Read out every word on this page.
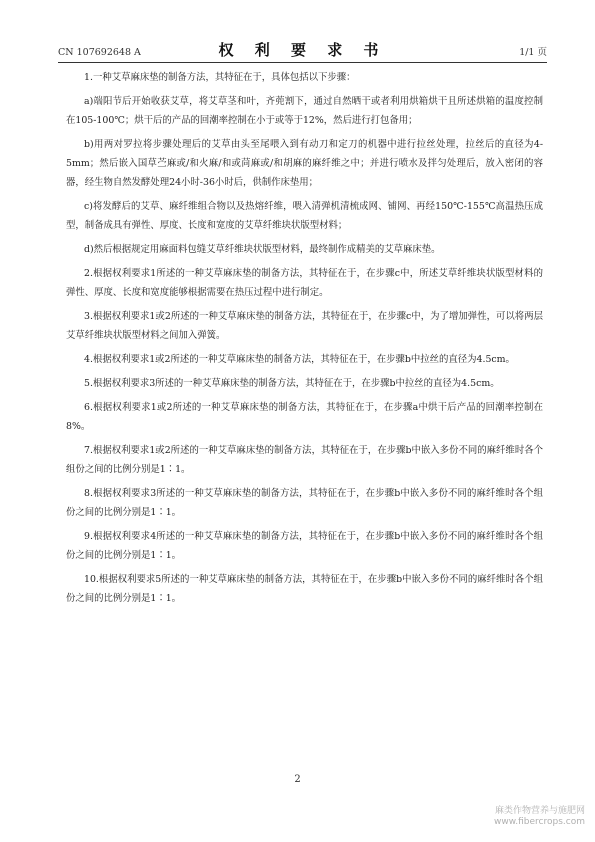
CN 107692648 A	权 利 要 求 书	1/1 页

1.一种艾草麻床垫的制备方法，其特征在于，具体包括以下步骤：

a)端阳节后开始收获艾草，将艾草茎和叶，齐蔸割下，通过自然晒干或者利用烘箱烘干且所述烘箱的温度控制在105-100℃；烘干后的产品的回潮率控制在小于或等于12%，然后进行打包备用；

b)用两对罗拉将步骤处理后的艾草由头至尾喂入到有动刀和定刀的机器中进行拉丝处理，拉丝后的直径为4-5mm；然后嵌入国草苎麻或/和火麻/和或苘麻或/和胡麻的麻纤维之中；并进行喷水及拌匀处理后，放入密闭的容器，经生物自然发酵处理24小时-36小时后，供制作床垫用；

c)将发酵后的艾草、麻纤维组合物以及热熔纤维，喂入清弹机清梳成网、铺网、再经150℃-155℃高温热压成型，制备成具有弹性、厚度、长度和宽度的艾草纤维块状版型材料；

d)然后根据规定用麻面料包缝艾草纤维块状版型材料，最终制作成精美的艾草麻床垫。

2.根据权利要求1所述的一种艾草麻床垫的制备方法，其特征在于，在步骤c中，所述艾草纤维块状版型材料的弹性、厚度、长度和宽度能够根据需要在热压过程中进行制定。

3.根据权利要求1或2所述的一种艾草麻床垫的制备方法，其特征在于，在步骤c中，为了增加弹性，可以将两层艾草纤维块状版型材料之间加入弹簧。

4.根据权利要求1或2所述的一种艾草麻床垫的制备方法，其特征在于，在步骤b中拉丝的直径为4.5cm。

5.根据权利要求3所述的一种艾草麻床垫的制备方法，其特征在于，在步骤b中拉丝的直径为4.5cm。

6.根据权利要求1或2所述的一种艾草麻床垫的制备方法，其特征在于，在步骤a中烘干后产品的回潮率控制在8%。

7.根据权利要求1或2所述的一种艾草麻床垫的制备方法，其特征在于，在步骤b中嵌入多份不同的麻纤维时各个组份之间的比例分别是1∶1。

8.根据权利要求3所述的一种艾草麻床垫的制备方法，其特征在于，在步骤b中嵌入多份不同的麻纤维时各个组份之间的比例分别是1∶1。

9.根据权利要求4所述的一种艾草麻床垫的制备方法，其特征在于，在步骤b中嵌入多份不同的麻纤维时各个组份之间的比例分别是1∶1。

10.根据权利要求5所述的一种艾草麻床垫的制备方法，其特征在于，在步骤b中嵌入多份不同的麻纤维时各个组份之间的比例分别是1∶1。

2
麻类作物营养与施肥网
www.fibercrops.com
